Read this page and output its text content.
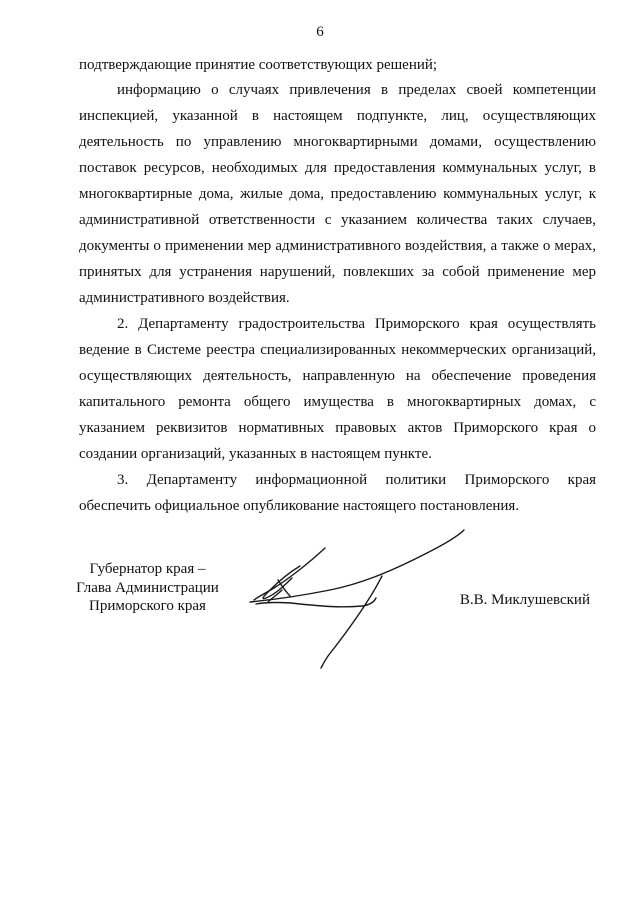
6
подтверждающие принятие соответствующих решений;
информацию о случаях привлечения в пределах своей компетенции
инспекцией, указанной в настоящем подпункте, лиц, осуществляющих
деятельность по управлению многоквартирными домами, осуществлению
поставок ресурсов, необходимых для предоставления коммунальных услуг, в
многоквартирные дома, жилые дома, предоставлению коммунальных услуг, к
административной ответственности с указанием количества таких случаев,
документы о применении мер административного воздействия, а также о мерах,
принятых для устранения нарушений, повлекших за собой применение мер
административного воздействия.
2. Департаменту градостроительства Приморского края осуществлять
ведение в Системе реестра специализированных некоммерческих организаций,
осуществляющих деятельность, направленную на обеспечение проведения
капитального ремонта общего имущества в многоквартирных домах, с
указанием реквизитов нормативных правовых актов Приморского края о
создании организаций, указанных в настоящем пункте.
3. Департаменту информационной политики Приморского края
обеспечить официальное опубликование настоящего постановления.
Губернатор края –
Глава Администрации
Приморского края	В.В. Миклушевский
